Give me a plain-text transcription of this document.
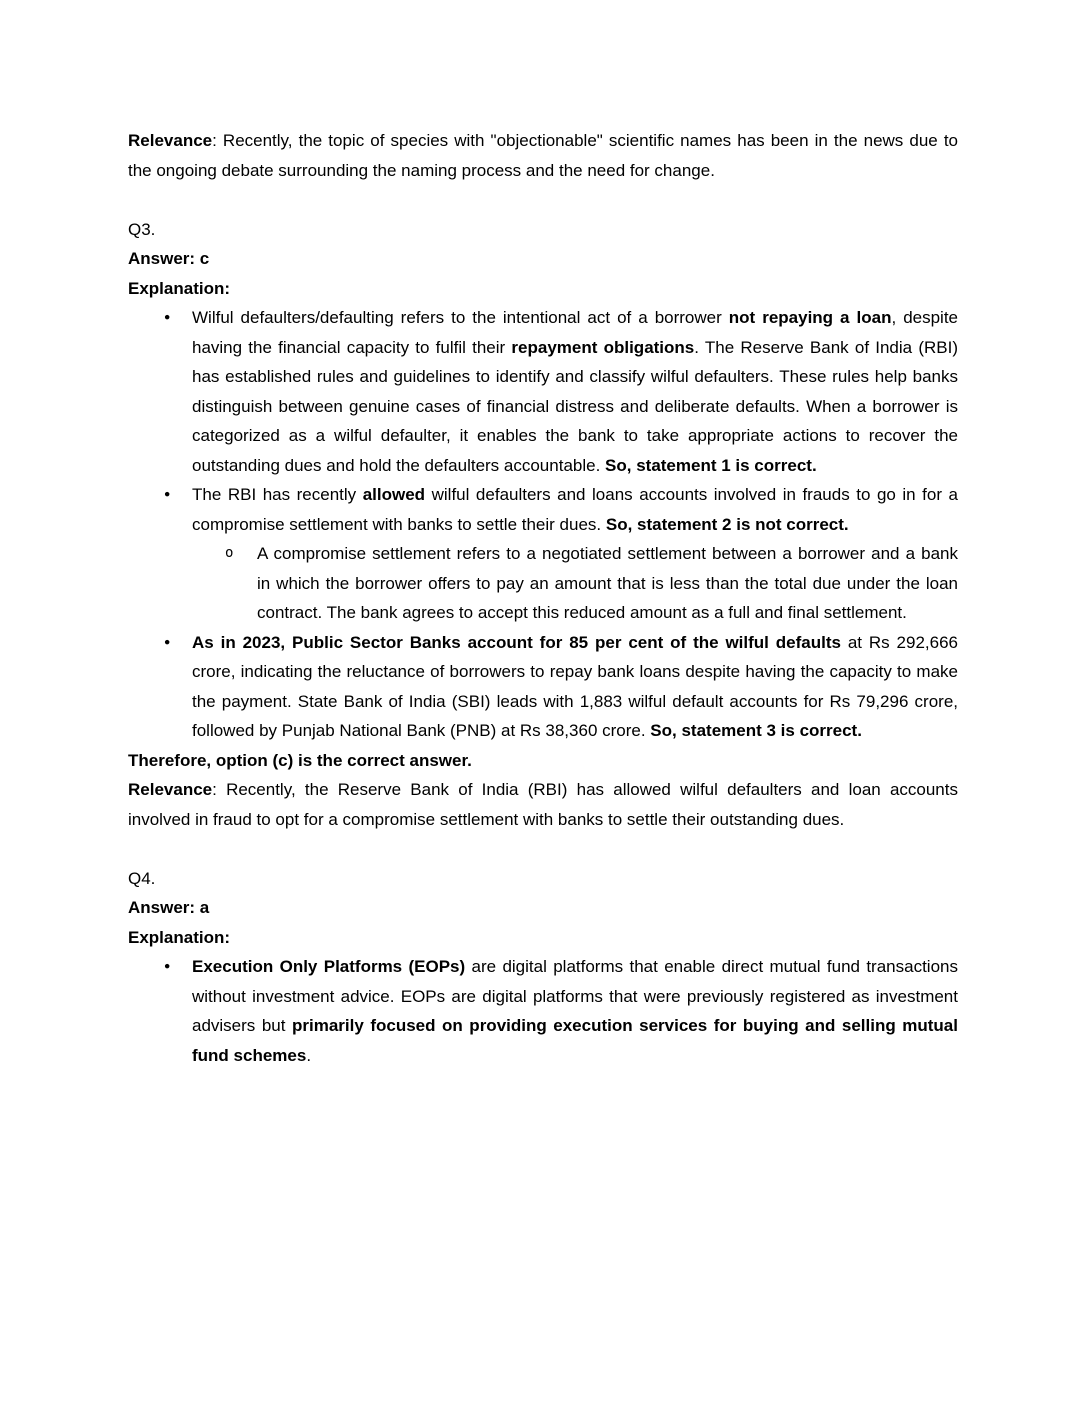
Relevance: Recently, the topic of species with "objectionable" scientific names has been in the news due to the ongoing debate surrounding the naming process and the need for change.
Q3.
Answer: c
Explanation:
●	Wilful defaulters/defaulting refers to the intentional act of a borrower not repaying a loan, despite having the financial capacity to fulfil their repayment obligations. The Reserve Bank of India (RBI) has established rules and guidelines to identify and classify wilful defaulters. These rules help banks distinguish between genuine cases of financial distress and deliberate defaults. When a borrower is categorized as a wilful defaulter, it enables the bank to take appropriate actions to recover the outstanding dues and hold the defaulters accountable. So, statement 1 is correct.
●	The RBI has recently allowed wilful defaulters and loans accounts involved in frauds to go in for a compromise settlement with banks to settle their dues. So, statement 2 is not correct.
o	A compromise settlement refers to a negotiated settlement between a borrower and a bank in which the borrower offers to pay an amount that is less than the total due under the loan contract. The bank agrees to accept this reduced amount as a full and final settlement.
●	As in 2023, Public Sector Banks account for 85 per cent of the wilful defaults at Rs 292,666 crore, indicating the reluctance of borrowers to repay bank loans despite having the capacity to make the payment. State Bank of India (SBI) leads with 1,883 wilful default accounts for Rs 79,296 crore, followed by Punjab National Bank (PNB) at Rs 38,360 crore. So, statement 3 is correct.
Therefore, option (c) is the correct answer.
Relevance: Recently, the Reserve Bank of India (RBI) has allowed wilful defaulters and loan accounts involved in fraud to opt for a compromise settlement with banks to settle their outstanding dues.
Q4.
Answer: a
Explanation:
●	Execution Only Platforms (EOPs) are digital platforms that enable direct mutual fund transactions without investment advice. EOPs are digital platforms that were previously registered as investment advisers but primarily focused on providing execution services for buying and selling mutual fund schemes.
